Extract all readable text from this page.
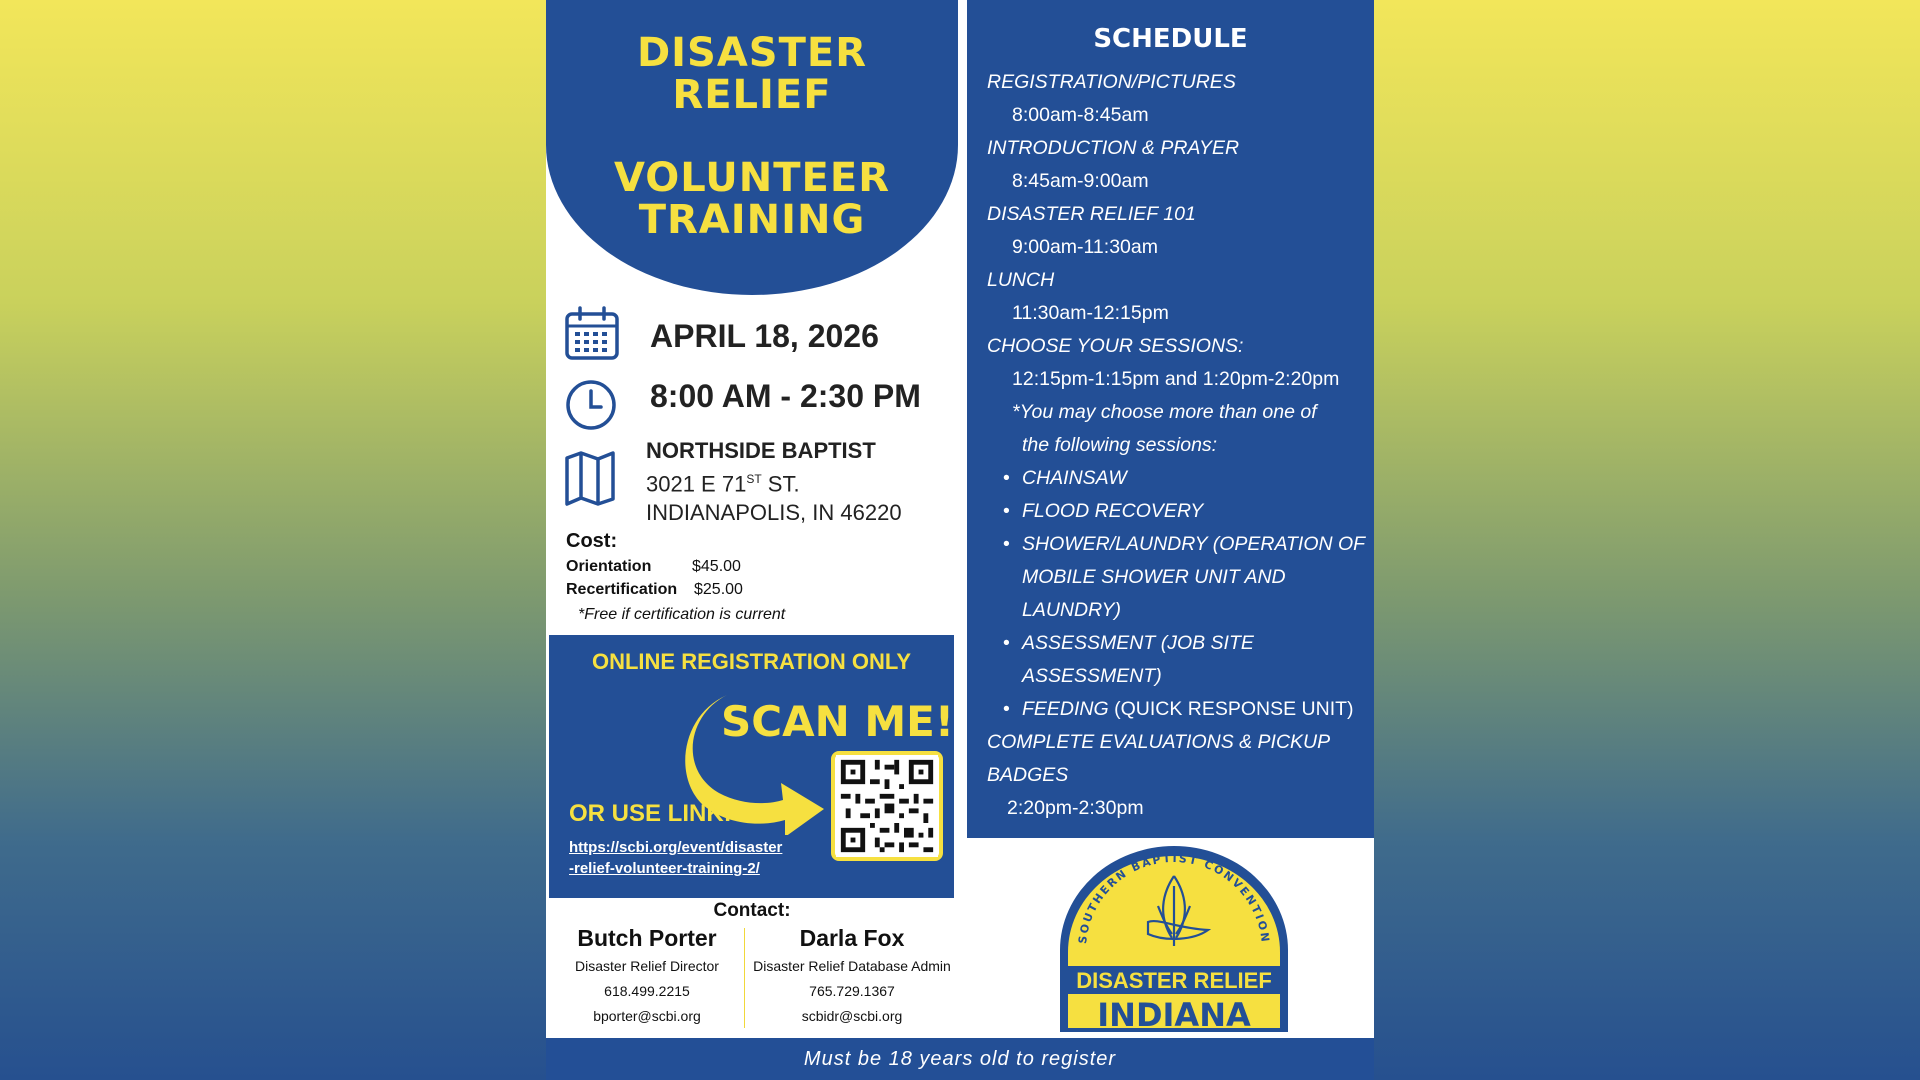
DISASTER
RELIEF
VOLUNTEER
TRAINING
APRIL 18, 2026
8:00 AM - 2:30 PM
NORTHSIDE BAPTIST
3021 E 71ST ST.
INDIANAPOLIS, IN 46220
Cost:
Orientation	$45.00
Recertification $25.00
*Free if certification is current
ONLINE REGISTRATION ONLY
SCAN ME!
OR USE LINK:
https://scbi.org/event/disaster
-relief-volunteer-training-2/
Contact:
Butch Porter
Disaster Relief Director
618.499.2215
bporter@scbi.org
Darla Fox
Disaster Relief Database Admin
765.729.1367
scbidr@scbi.org
SCHEDULE
REGISTRATION/PICTURES
8:00am-8:45am
INTRODUCTION & PRAYER
8:45am-9:00am
DISASTER RELIEF 101
9:00am-11:30am
LUNCH
11:30am-12:15pm
CHOOSE YOUR SESSIONS:
12:15pm-1:15pm and 1:20pm-2:20pm
*You may choose more than one of
the following sessions:
• CHAINSAW
• FLOOD RECOVERY
• SHOWER/LAUNDRY (OPERATION OF
MOBILE SHOWER UNIT AND
LAUNDRY)
• ASSESSMENT (JOB SITE
ASSESSMENT)
• FEEDING (QUICK RESPONSE UNIT)
COMPLETE EVALUATIONS & PICKUP
BADGES
2:20pm-2:30pm
SOUTHERN BAPTIST CONVENTION
DISASTER RELIEF
INDIANA
Must be 18 years old to register
